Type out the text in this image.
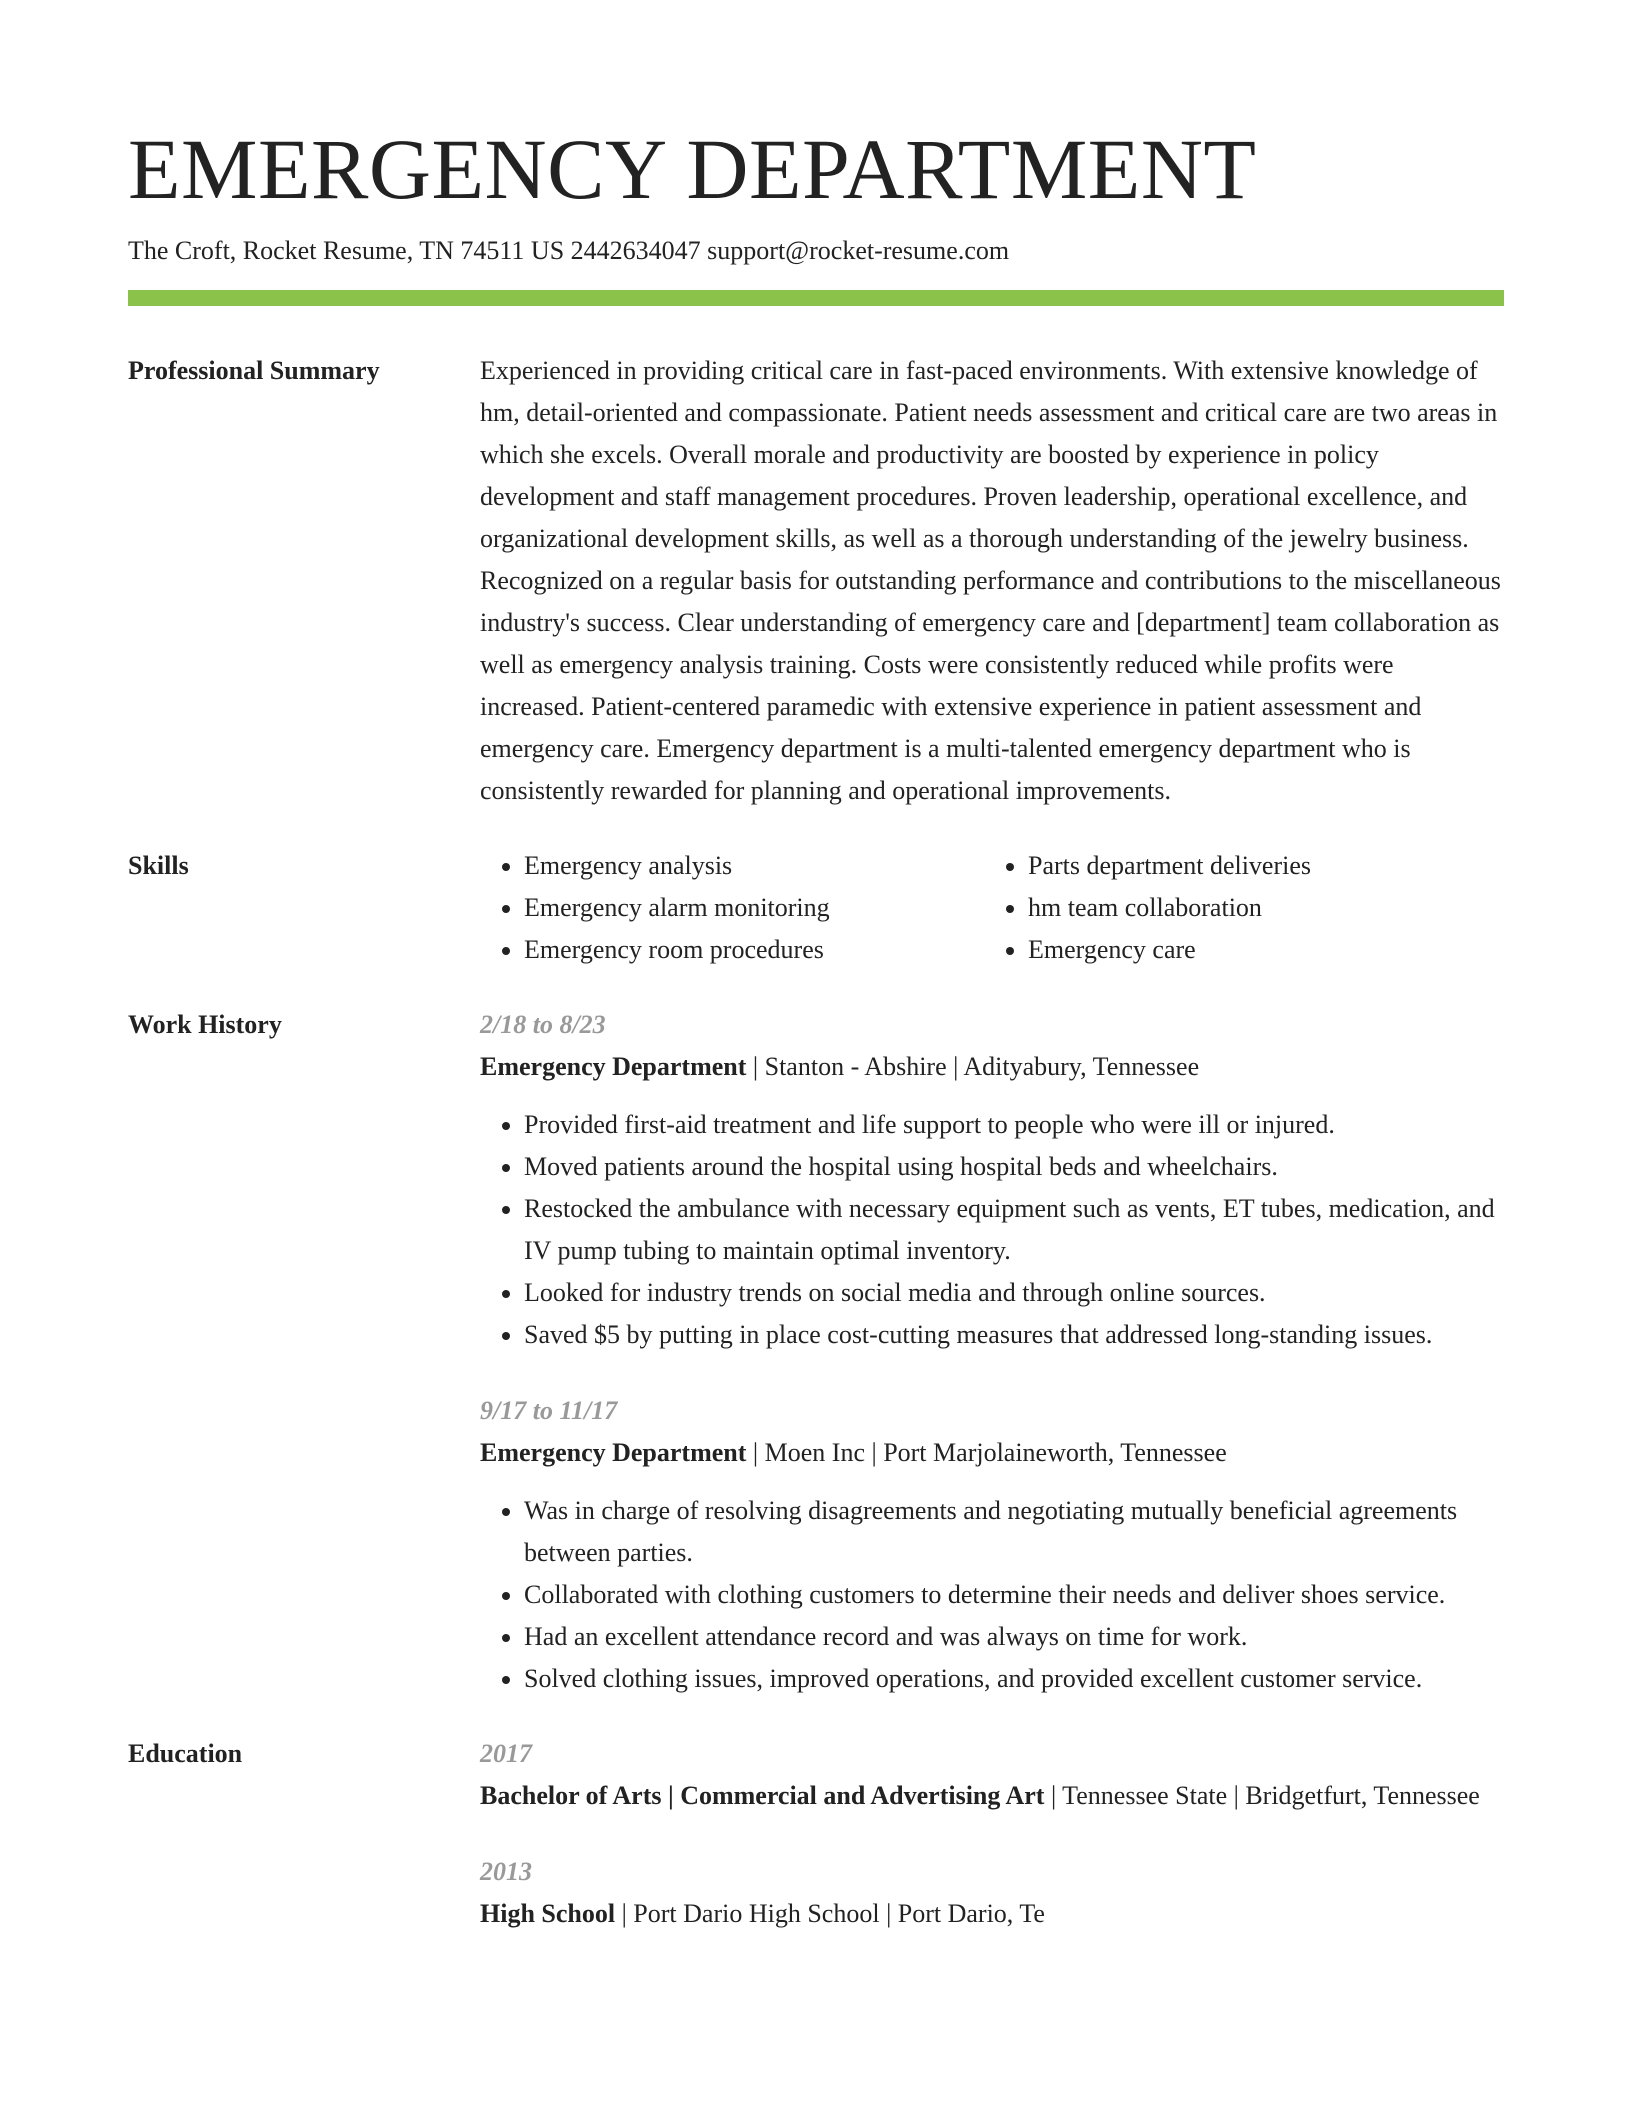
EMERGENCY DEPARTMENT
The Croft, Rocket Resume, TN 74511 US 2442634047 support@rocket-resume.com
Professional Summary	Experienced in providing critical care in fast-paced environments. With extensive knowledge of hm, detail-oriented and compassionate. Patient needs assessment and critical care are two areas in which she excels. Overall morale and productivity are boosted by experience in policy development and staff management procedures. Proven leadership, operational excellence, and organizational development skills, as well as a thorough understanding of the jewelry business. Recognized on a regular basis for outstanding performance and contributions to the miscellaneous industry's success. Clear understanding of emergency care and [department] team collaboration as well as emergency analysis training. Costs were consistently reduced while profits were increased. Patient-centered paramedic with extensive experience in patient assessment and emergency care. Emergency department is a multi-talented emergency department who is consistently rewarded for planning and operational improvements.

Skills
•	Emergency analysis
• Emergency alarm monitoring
• Emergency room procedures
• Parts department deliveries
• hm team collaboration
• Emergency care
Work History	2/18 to 8/23
Emergency Department | Stanton - Abshire | Adityabury, Tennessee
• Provided first-aid treatment and life support to people who were ill or injured.
• Moved patients around the hospital using hospital beds and wheelchairs.
• Restocked the ambulance with necessary equipment such as vents, ET tubes, medication, and IV pump tubing to maintain optimal inventory.
• Looked for industry trends on social media and through online sources.
• Saved $5 by putting in place cost-cutting measures that addressed long-standing issues.
9/17 to 11/17
Emergency Department | Moen Inc | Port Marjolaineworth, Tennessee
• Was in charge of resolving disagreements and negotiating mutually beneficial agreements between parties.
• Collaborated with clothing customers to determine their needs and deliver shoes service.
• Had an excellent attendance record and was always on time for work.
• Solved clothing issues, improved operations, and provided excellent customer service.
Education	2017
Bachelor of Arts | Commercial and Advertising Art | Tennessee State | Bridgetfurt, Tennessee
2013
High School | Port Dario High School | Port Dario, Te
